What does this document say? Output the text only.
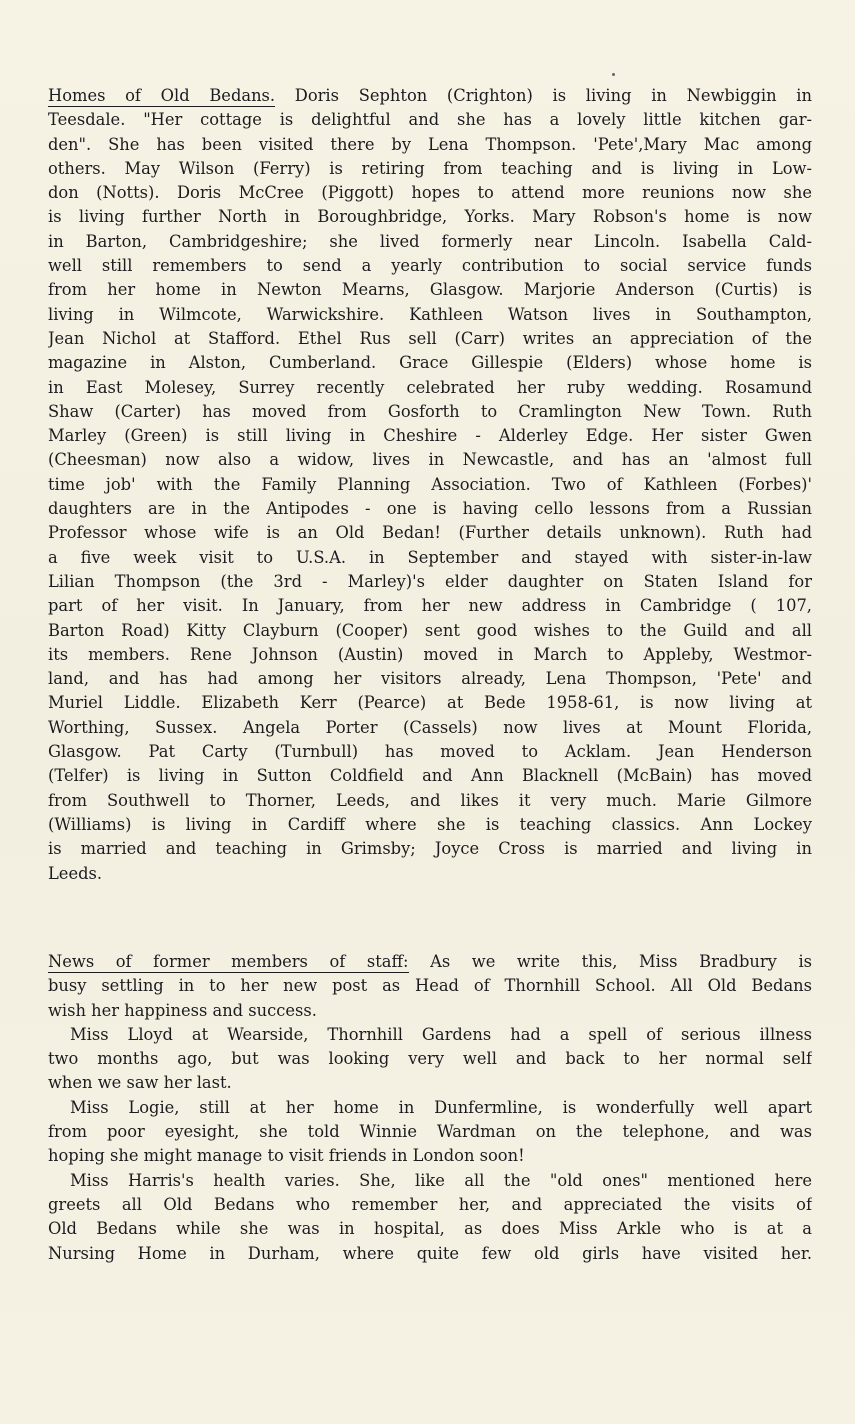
Homes of Old Bedans. Doris Sephton (Crighton) is living in Newbiggin in
Teesdale. "Her cottage is delightful and she has a lovely little kitchen gar-
den". She has been visited there by Lena Thompson. 'Pete',Mary Mac among
others. May Wilson (Ferry) is retiring from teaching and is living in Low-
don (Notts). Doris McCree (Piggott) hopes to attend more reunions now she
is living further North in Boroughbridge, Yorks. Mary Robson's home is now
in Barton, Cambridgeshire; she lived formerly near Lincoln. Isabella Cald-
well still remembers to send a yearly contribution to social service funds
from her home in Newton Mearns, Glasgow. Marjorie Anderson (Curtis) is
living in Wilmcote, Warwickshire. Kathleen Watson lives in Southampton,
Jean Nichol at Stafford. Ethel Rus sell (Carr) writes an appreciation of the
magazine in Alston, Cumberland. Grace Gillespie (Elders) whose home is
in East Molesey, Surrey recently celebrated her ruby wedding. Rosamund
Shaw (Carter) has moved from Gosforth to Cramlington New Town. Ruth
Marley (Green) is still living in Cheshire - Alderley Edge. Her sister Gwen
(Cheesman) now also a widow, lives in Newcastle, and has an 'almost full
time job' with the Family Planning Association. Two of Kathleen (Forbes)'
daughters are in the Antipodes - one is having cello lessons from a Russian
Professor whose wife is an Old Bedan! (Further details unknown). Ruth had
a five week visit to U.S.A. in September and stayed with sister-in-law
Lilian Thompson (the 3rd - Marley)'s elder daughter on Staten Island for
part of her visit. In January, from her new address in Cambridge ( 107,
Barton Road) Kitty Clayburn (Cooper) sent good wishes to the Guild and all
its members. Rene Johnson (Austin) moved in March to Appleby, Westmor-
land, and has had among her visitors already, Lena Thompson, 'Pete' and
Muriel Liddle. Elizabeth Kerr (Pearce) at Bede 1958-61, is now living at
Worthing, Sussex. Angela Porter (Cassels) now lives at Mount Florida,
Glasgow. Pat Carty (Turnbull) has moved to Acklam. Jean Henderson
(Telfer) is living in Sutton Coldfield and Ann Blacknell (McBain) has moved
from Southwell to Thorner, Leeds, and likes it very much. Marie Gilmore
(Williams) is living in Cardiff where she is teaching classics. Ann Lockey
is married and teaching in Grimsby; Joyce Cross is married and living in
Leeds.
News of former members of staff: As we write this, Miss Bradbury is
busy settling in to her new post as Head of Thornhill School. All Old Bedans
wish her happiness and success.
Miss Lloyd at Wearside, Thornhill Gardens had a spell of serious illness
two months ago, but was looking very well and back to her normal self
when we saw her last.
Miss Logie, still at her home in Dunfermline, is wonderfully well apart
from poor eyesight, she told Winnie Wardman on the telephone, and was
hoping she might manage to visit friends in London soon!
Miss Harris's health varies. She, like all the "old ones" mentioned here
greets all Old Bedans who remember her, and appreciated the visits of
Old Bedans while she was in hospital, as does Miss Arkle who is at a
Nursing Home in Durham, where quite few old girls have visited her.
